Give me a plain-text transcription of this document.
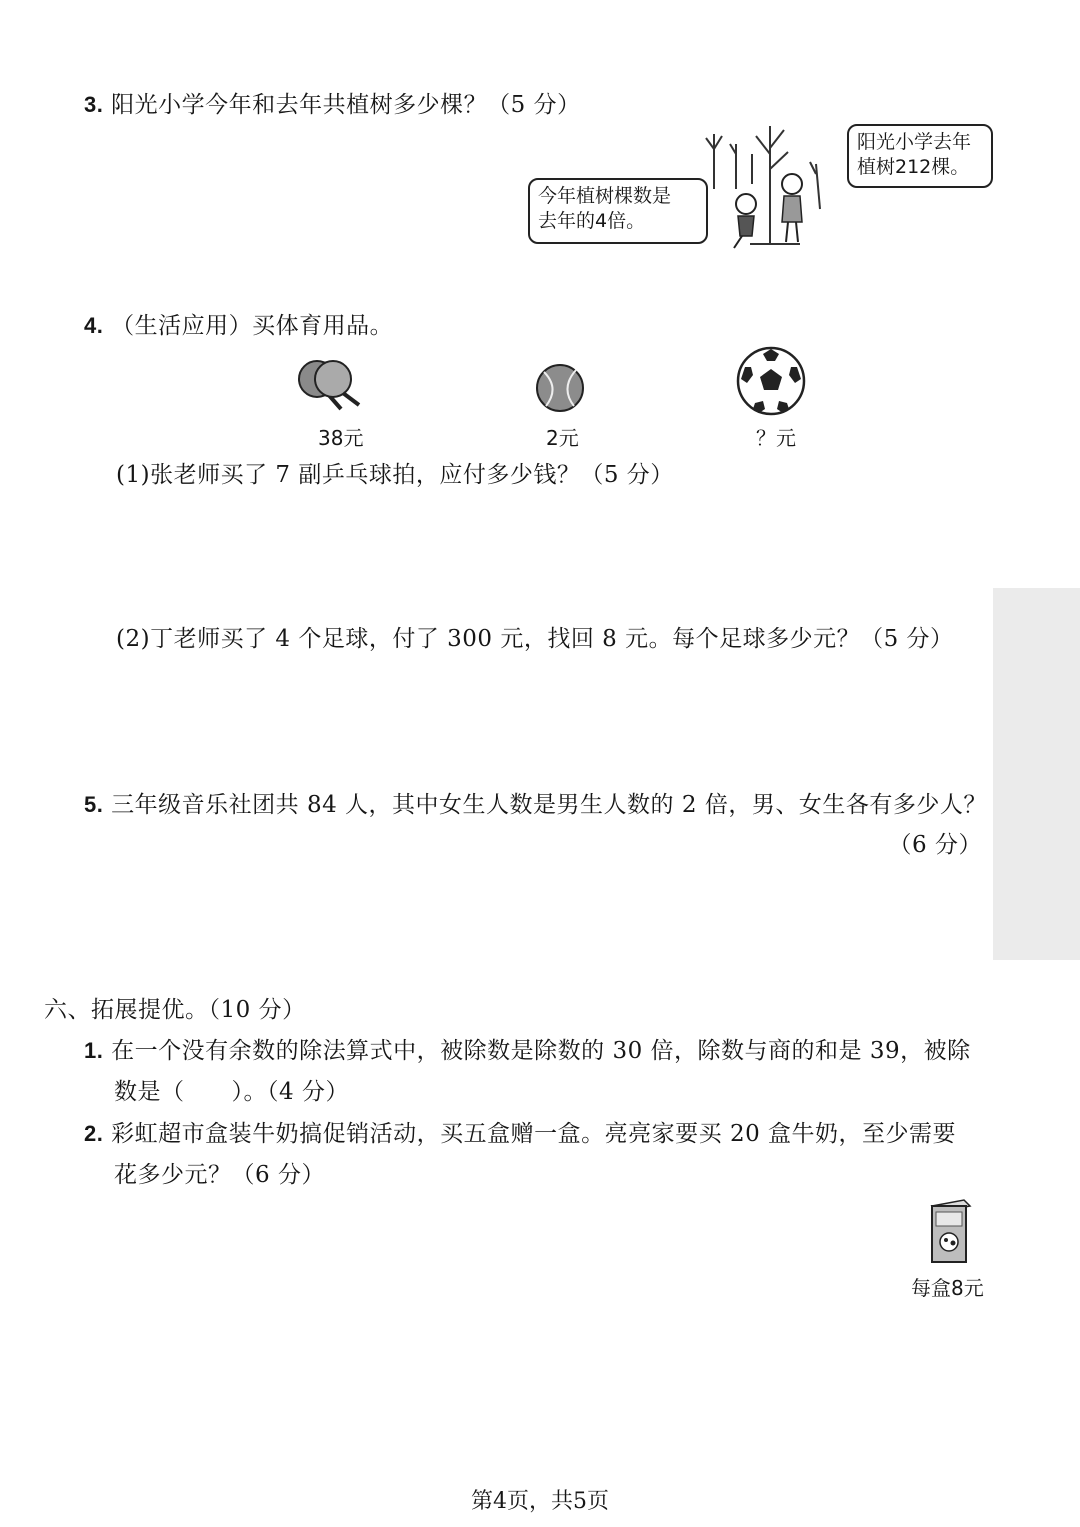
3. 阳光小学今年和去年共植树多少棵？（5 分）
今年植树棵数是
去年的4倍。
阳光小学去年
植树212棵。
4. （生活应用）买体育用品。
38元	2元	？元
(1)张老师买了 7 副乒乓球拍，应付多少钱？（5 分）
(2)丁老师买了 4 个足球，付了 300 元，找回 8 元。每个足球多少元？（5 分）
5. 三年级音乐社团共 84 人，其中女生人数是男生人数的 2 倍，男、女生各有多少人？
（6 分）
六、拓展提优。（10 分）
1. 在一个没有余数的除法算式中，被除数是除数的 30 倍，除数与商的和是 39，被除
数是（　　）。（4 分）
2. 彩虹超市盒装牛奶搞促销活动，买五盒赠一盒。亮亮家要买 20 盒牛奶，至少需要
花多少元？（6 分）
每盒8元
第4页，共5页
